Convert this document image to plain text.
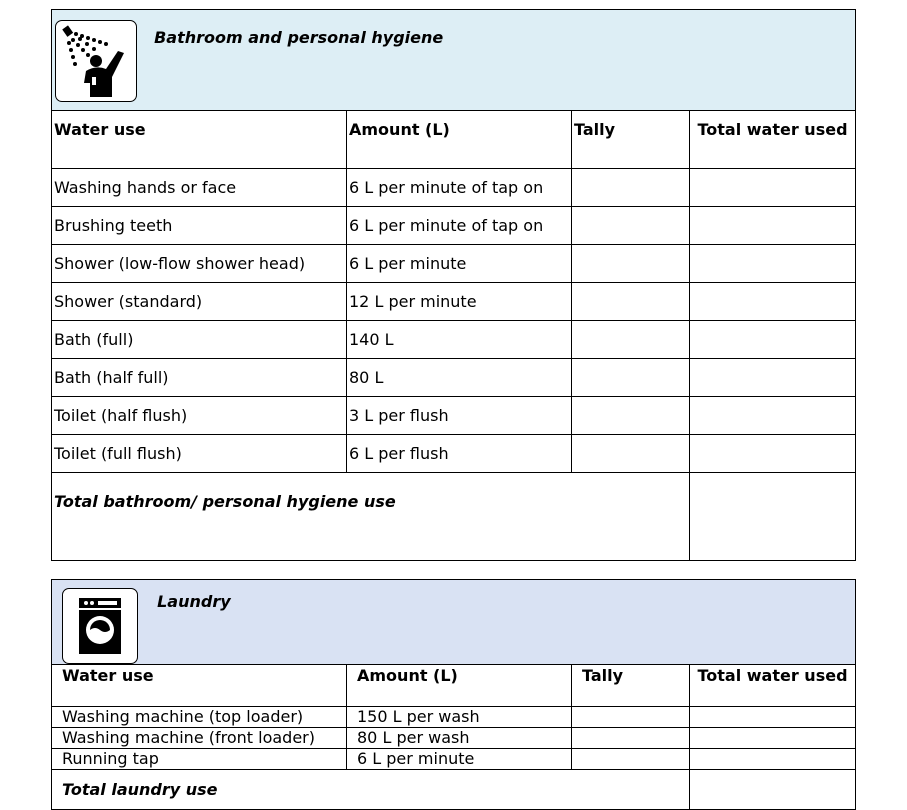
Bathroom and personal hygiene			
Water use	Amount (L)	Tally	Total water used
Washing hands or face	6 L per minute of tap on		
Brushing teeth	6 L per minute of tap on		
Shower (low-flow shower head)	6 L per minute		
Shower (standard)	12 L per minute		
Bath (full)	140 L		
Bath (half full)	80 L		
Toilet (half flush)	3 L per flush		
Toilet (full flush)	6 L per flush		
Total bathroom/ personal hygiene use			
Laundry			
Water use	Amount (L)	Tally	Total water used
Washing machine (top loader)	150 L per wash		
Washing machine (front loader)	80 L per wash		
Running tap	6 L per minute		
Total laundry use			
